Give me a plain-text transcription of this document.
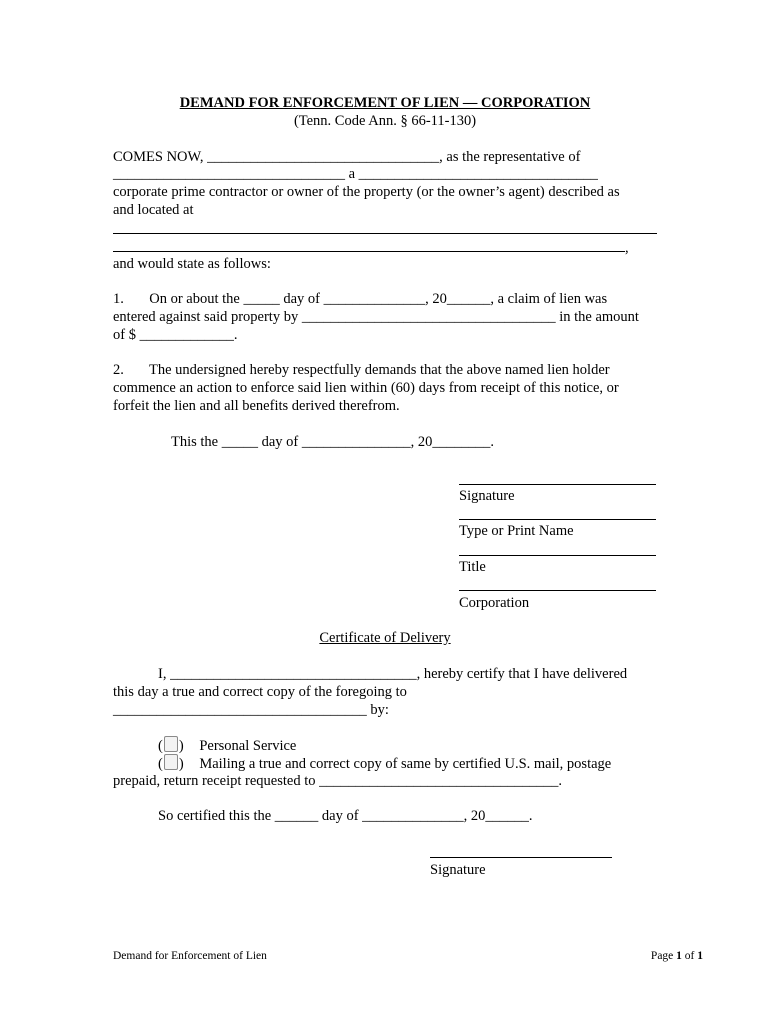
DEMAND FOR ENFORCEMENT OF LIEN — CORPORATION
(Tenn. Code Ann. § 66-11-130)
COMES NOW, ________________________________, as the representative of
________________________________ a _________________________________
corporate prime contractor or owner of the property (or the owner’s agent) described as
and located at
,
and would state as follows:
1.       On or about the _____ day of ______________, 20______, a claim of lien was
entered against said property by ___________________________________ in the amount
of $ _____________.
2.       The undersigned hereby respectfully demands that the above named lien holder
commence an action to enforce said lien within (60) days from receipt of this notice, or
forfeit the lien and all benefits derived therefrom.
This the _____ day of _______________, 20________.
Signature
Type or Print Name
Title
Corporation
Certificate of Delivery
I, __________________________________, hereby certify that I have delivered
this day a true and correct copy of the foregoing to
___________________________________ by:
( ) Personal Service
( ) Mailing a true and correct copy of same by certified U.S. mail, postage
prepaid, return receipt requested to _________________________________.
So certified this the ______ day of ______________, 20______.
Signature
Demand for Enforcement of Lien	Page 1 of 1
